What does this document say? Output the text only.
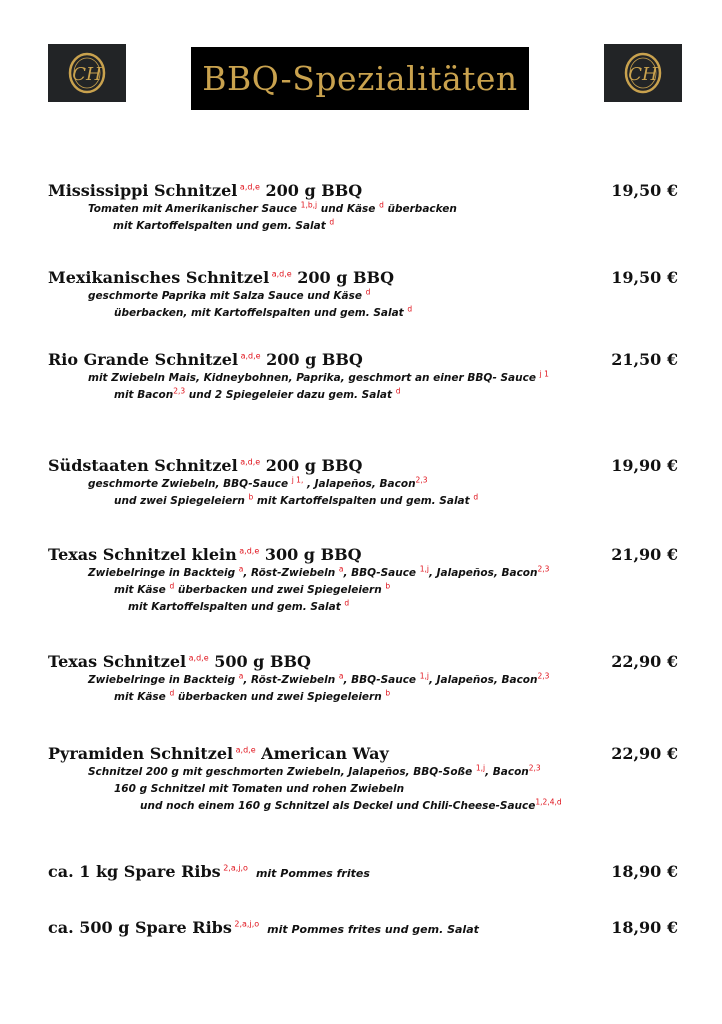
CH	BBQ-Spezialitäten	CH
Mississippi Schnitzel $^{a,d,e}$ 200 g BBQ	19,50 €
Tomaten mit Amerikanischer Sauce $^{1,b,j}$ und Käse $^d$ überbacken
mit Kartoffelspalten und gem. Salat $^d$
Mexikanisches Schnitzel $^{a,d,e}$ 200 g BBQ	19,50 €
geschmorte Paprika mit Salza Sauce und Käse $^d$
überbacken, mit Kartoffelspalten und gem. Salat $^d$
Rio Grande Schnitzel $^{a,d,e}$ 200 g BBQ	21,50 €
mit Zwiebeln Mais, Kidneybohnen, Paprika, geschmort an einer BBQ- Sauce $^{j 1}$
mit Bacon$^{2,3}$ und 2 Spiegeleier dazu gem. Salat $^d$
Südstaaten Schnitzel $^{a,d,e}$ 200 g BBQ	19,90 €
geschmorte Zwiebeln, BBQ-Sauce $^{j 1,}$ , Jalapeños, Bacon$^{2,3}$
und zwei Spiegeleiern $^b$ mit Kartoffelspalten und gem. Salat $^d$
Texas Schnitzel klein $^{a,d,e}$ 300 g BBQ	21,90 €
Zwiebelringe in Backteig $^a$, Röst-Zwiebeln $^a$, BBQ-Sauce $^{1,j}$, Jalapeños, Bacon$^{2,3}$
mit Käse $^d$ überbacken und zwei Spiegeleiern $^b$
mit Kartoffelspalten und gem. Salat $^d$
Texas Schnitzel $^{a,d,e}$ 500 g BBQ	22,90 €
Zwiebelringe in Backteig $^a$, Röst-Zwiebeln $^a$, BBQ-Sauce $^{1,j}$, Jalapeños, Bacon$^{2,3}$
mit Käse $^d$ überbacken und zwei Spiegeleiern $^b$
Pyramiden Schnitzel $^{a,d,e}$ American Way	22,90 €
Schnitzel 200 g mit geschmorten Zwiebeln, Jalapeños, BBQ-Soße $^{1,j}$, Bacon$^{2,3}$
160 g Schnitzel mit Tomaten und rohen Zwiebeln
und noch einem 160 g Schnitzel als Deckel und Chili-Cheese-Sauce$^{1,2,4,d}$
ca. 1 kg Spare Ribs $^{2,a,j,o}$ mit Pommes frites	18,90 €
ca. 500 g Spare Ribs $^{2,a,j,o}$ mit Pommes frites und gem. Salat	18,90 €
